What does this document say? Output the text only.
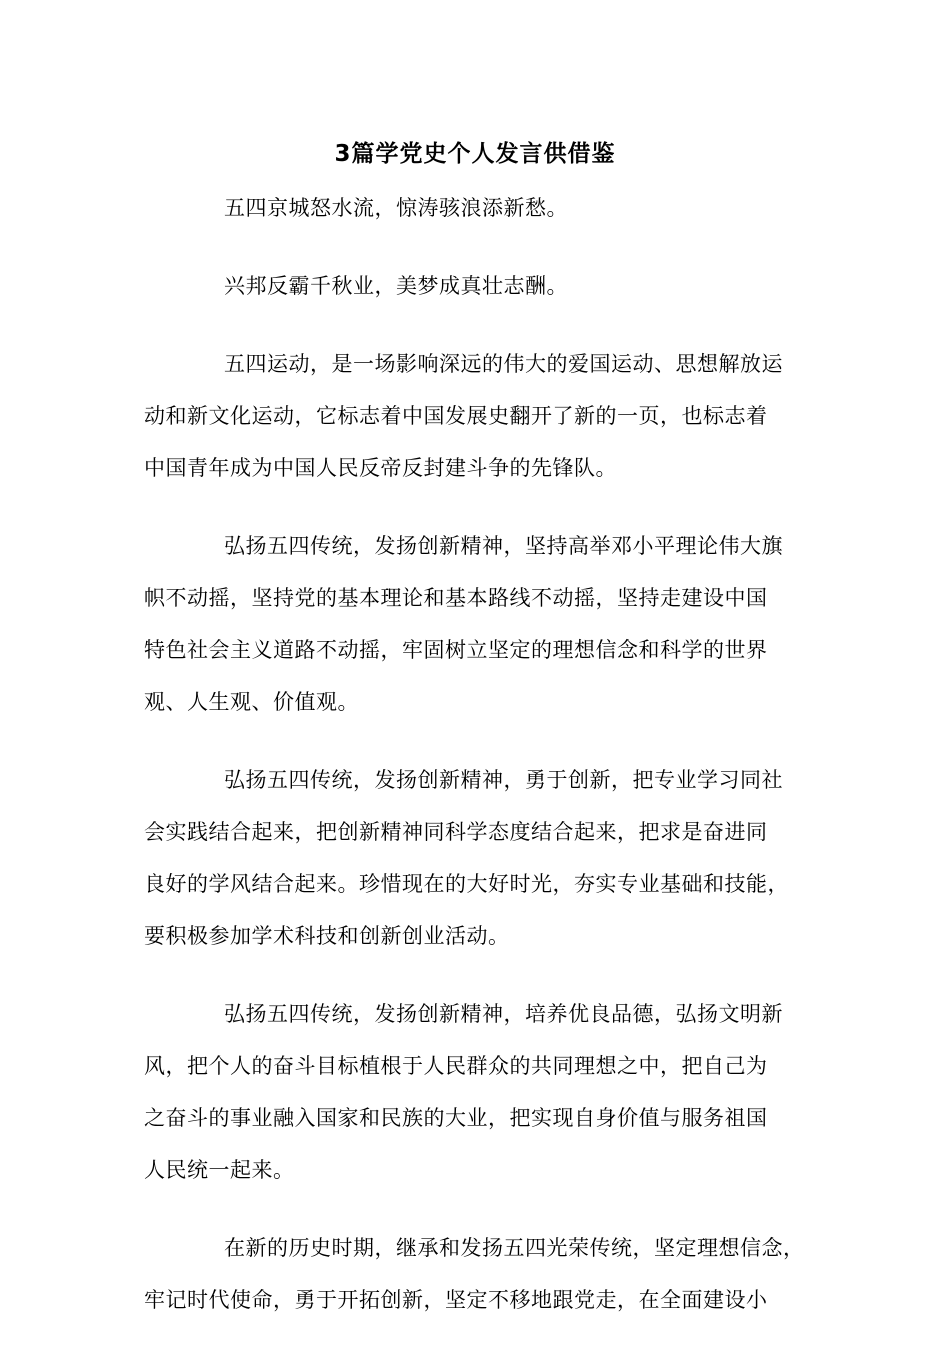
3篇学党史个人发言供借鉴

五四京城怒水流，惊涛骇浪添新愁。

兴邦反霸千秋业，美梦成真壮志酬。

五四运动，是一场影响深远的伟大的爱国运动、思想解放运
动和新文化运动，它标志着中国发展史翻开了新的一页，也标志着
中国青年成为中国人民反帝反封建斗争的先锋队。

弘扬五四传统，发扬创新精神，坚持高举邓小平理论伟大旗
帜不动摇，坚持党的基本理论和基本路线不动摇，坚持走建设中国
特色社会主义道路不动摇，牢固树立坚定的理想信念和科学的世界
观、人生观、价值观。

弘扬五四传统，发扬创新精神，勇于创新，把专业学习同社
会实践结合起来，把创新精神同科学态度结合起来，把求是奋进同
良好的学风结合起来。珍惜现在的大好时光，夯实专业基础和技能，
要积极参加学术科技和创新创业活动。

弘扬五四传统，发扬创新精神，培养优良品德，弘扬文明新
风，把个人的奋斗目标植根于人民群众的共同理想之中，把自己为
之奋斗的事业融入国家和民族的大业，把实现自身价值与服务祖国
人民统一起来。

在新的历史时期，继承和发扬五四光荣传统，坚定理想信念，
牢记时代使命，勇于开拓创新，坚定不移地跟党走，在全面建设小
